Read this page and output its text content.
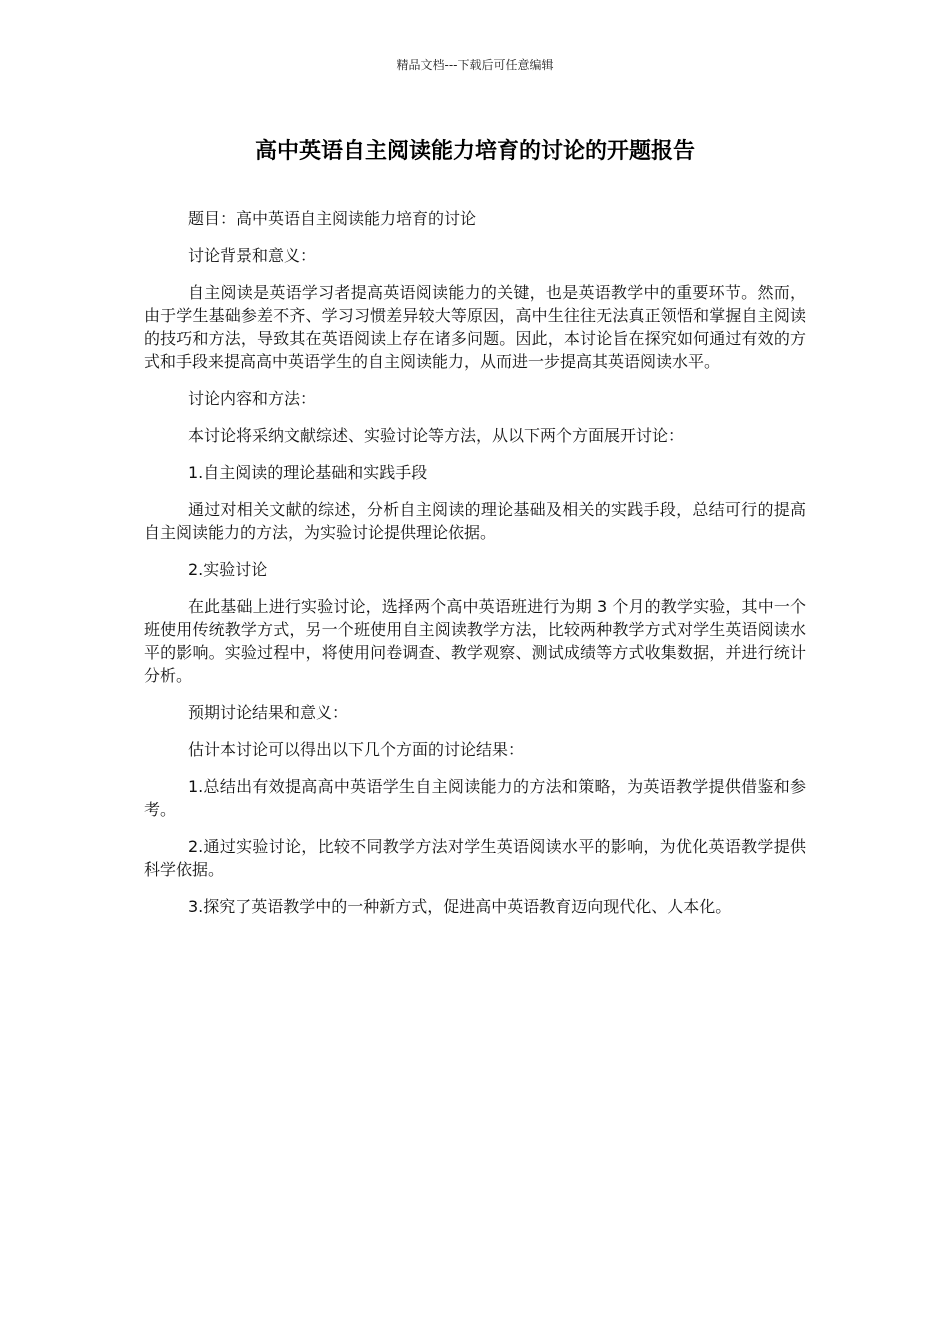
精品文档---下载后可任意编辑
高中英语自主阅读能力培育的讨论的开题报告

题目：高中英语自主阅读能力培育的讨论

讨论背景和意义：

自主阅读是英语学习者提高英语阅读能力的关键，也是英语教学中的重要环节。然而，由于学生基础参差不齐、学习习惯差异较大等原因，高中生往往无法真正领悟和掌握自主阅读的技巧和方法，导致其在英语阅读上存在诸多问题。因此，本讨论旨在探究如何通过有效的方式和手段来提高高中英语学生的自主阅读能力，从而进一步提高其英语阅读水平。

讨论内容和方法：

本讨论将采纳文献综述、实验讨论等方法，从以下两个方面展开讨论：

1.自主阅读的理论基础和实践手段

通过对相关文献的综述，分析自主阅读的理论基础及相关的实践手段，总结可行的提高自主阅读能力的方法，为实验讨论提供理论依据。

2.实验讨论

在此基础上进行实验讨论，选择两个高中英语班进行为期 3 个月的教学实验，其中一个班使用传统教学方式，另一个班使用自主阅读教学方法，比较两种教学方式对学生英语阅读水平的影响。实验过程中，将使用问卷调查、教学观察、测试成绩等方式收集数据，并进行统计分析。

预期讨论结果和意义：

估计本讨论可以得出以下几个方面的讨论结果：

1.总结出有效提高高中英语学生自主阅读能力的方法和策略，为英语教学提供借鉴和参考。

2.通过实验讨论，比较不同教学方法对学生英语阅读水平的影响，为优化英语教学提供科学依据。

3.探究了英语教学中的一种新方式，促进高中英语教育迈向现代化、人本化。
